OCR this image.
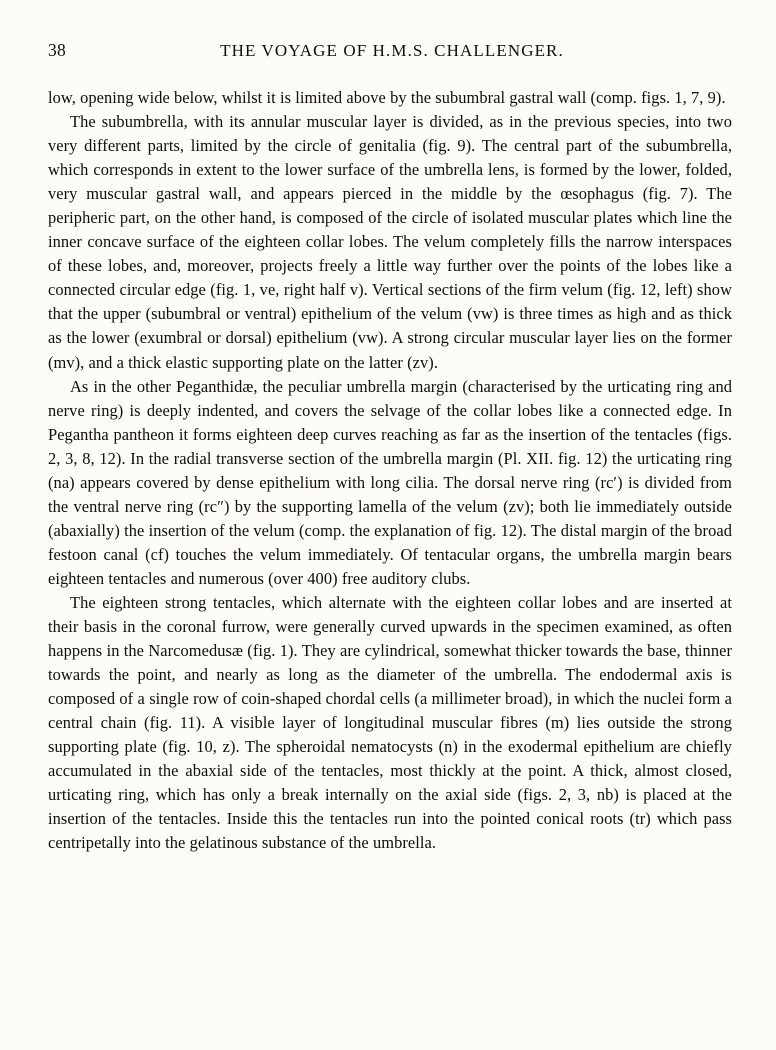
38	THE VOYAGE OF H.M.S. CHALLENGER.

low, opening wide below, whilst it is limited above by the subumbral gastral wall (comp. figs. 1, 7, 9).

The subumbrella, with its annular muscular layer is divided, as in the previous species, into two very different parts, limited by the circle of genitalia (fig. 9). The central part of the subumbrella, which corresponds in extent to the lower surface of the umbrella lens, is formed by the lower, folded, very muscular gastral wall, and appears pierced in the middle by the œsophagus (fig. 7). The peripheric part, on the other hand, is composed of the circle of isolated muscular plates which line the inner concave surface of the eighteen collar lobes. The velum completely fills the narrow interspaces of these lobes, and, moreover, projects freely a little way further over the points of the lobes like a connected circular edge (fig. 1, ve, right half v). Vertical sections of the firm velum (fig. 12, left) show that the upper (subumbral or ventral) epithelium of the velum (vw) is three times as high and as thick as the lower (exumbral or dorsal) epithelium (vw). A strong circular muscular layer lies on the former (mv), and a thick elastic supporting plate on the latter (zv).

As in the other Peganthidæ, the peculiar umbrella margin (characterised by the urticating ring and nerve ring) is deeply indented, and covers the selvage of the collar lobes like a connected edge. In Pegantha pantheon it forms eighteen deep curves reaching as far as the insertion of the tentacles (figs. 2, 3, 8, 12). In the radial transverse section of the umbrella margin (Pl. XII. fig. 12) the urticating ring (na) appears covered by dense epithelium with long cilia. The dorsal nerve ring (rc′) is divided from the ventral nerve ring (rc″) by the supporting lamella of the velum (zv); both lie immediately outside (abaxially) the insertion of the velum (comp. the explanation of fig. 12). The distal margin of the broad festoon canal (cf) touches the velum immediately. Of tentacular organs, the umbrella margin bears eighteen tentacles and numerous (over 400) free auditory clubs.

The eighteen strong tentacles, which alternate with the eighteen collar lobes and are inserted at their basis in the coronal furrow, were generally curved upwards in the specimen examined, as often happens in the Narcomedusæ (fig. 1). They are cylindrical, somewhat thicker towards the base, thinner towards the point, and nearly as long as the diameter of the umbrella. The endodermal axis is composed of a single row of coin-shaped chordal cells (a millimeter broad), in which the nuclei form a central chain (fig. 11). A visible layer of longitudinal muscular fibres (m) lies outside the strong supporting plate (fig. 10, z). The spheroidal nematocysts (n) in the exodermal epithelium are chiefly accumulated in the abaxial side of the tentacles, most thickly at the point. A thick, almost closed, urticating ring, which has only a break internally on the axial side (figs. 2, 3, nb) is placed at the insertion of the tentacles. Inside this the tentacles run into the pointed conical roots (tr) which pass centripetally into the gelatinous substance of the umbrella.
